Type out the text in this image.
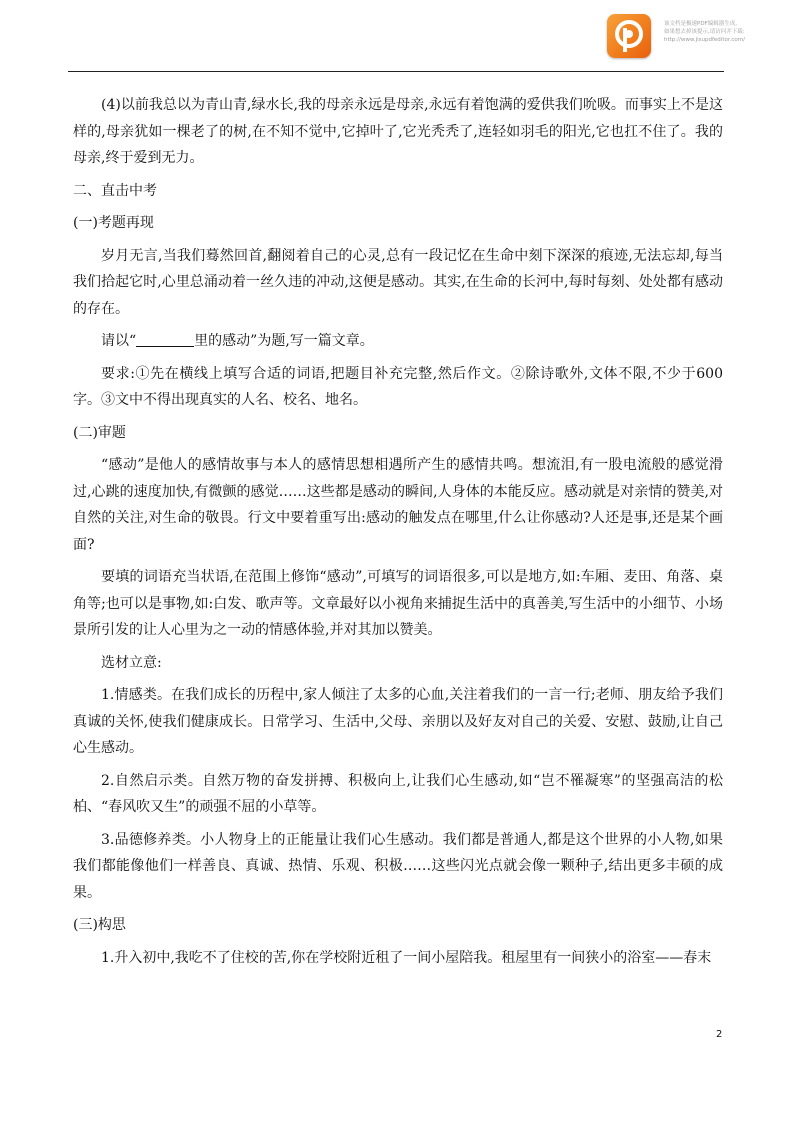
该文档是极速PDF编辑器生成,
如果想去掉该提示,请访问并下载:
http://www.jisupdfeditor.com/

(4)以前我总以为青山青,绿水长,我的母亲永远是母亲,永远有着饱满的爱供我们吮吸。而事实上不是这样的,母亲犹如一棵老了的树,在不知不觉中,它掉叶了,它光秃秃了,连轻如羽毛的阳光,它也扛不住了。我的母亲,终于爱到无力。

二、直击中考

(一)考题再现

岁月无言,当我们蓦然回首,翻阅着自己的心灵,总有一段记忆在生命中刻下深深的痕迹,无法忘却,每当我们拾起它时,心里总涌动着一丝久违的冲动,这便是感动。其实,在生命的长河中,每时每刻、处处都有感动的存在。

请以“	里的感动”为题,写一篇文章。

要求:①先在横线上填写合适的词语,把题目补充完整,然后作文。②除诗歌外,文体不限,不少于600字。③文中不得出现真实的人名、校名、地名。

(二)审题

“感动”是他人的感情故事与本人的感情思想相遇所产生的感情共鸣。想流泪,有一股电流般的感觉滑过,心跳的速度加快,有微颤的感觉……这些都是感动的瞬间,人身体的本能反应。感动就是对亲情的赞美,对自然的关注,对生命的敬畏。行文中要着重写出:感动的触发点在哪里,什么让你感动?人还是事,还是某个画面?

要填的词语充当状语,在范围上修饰“感动”,可填写的词语很多,可以是地方,如:车厢、麦田、角落、桌角等;也可以是事物,如:白发、歌声等。文章最好以小视角来捕捉生活中的真善美,写生活中的小细节、小场景所引发的让人心里为之一动的情感体验,并对其加以赞美。

选材立意:

1.情感类。在我们成长的历程中,家人倾注了太多的心血,关注着我们的一言一行;老师、朋友给予我们真诚的关怀,使我们健康成长。日常学习、生活中,父母、亲朋以及好友对自己的关爱、安慰、鼓励,让自己心生感动。

2.自然启示类。自然万物的奋发拼搏、积极向上,让我们心生感动,如“岂不罹凝寒”的坚强高洁的松柏、“春风吹又生”的顽强不屈的小草等。

3.品德修养类。小人物身上的正能量让我们心生感动。我们都是普通人,都是这个世界的小人物,如果我们都能像他们一样善良、真诚、热情、乐观、积极……这些闪光点就会像一颗种子,结出更多丰硕的成果。

(三)构思

1.升入初中,我吃不了住校的苦,你在学校附近租了一间小屋陪我。租屋里有一间狭小的浴室——春末

2
